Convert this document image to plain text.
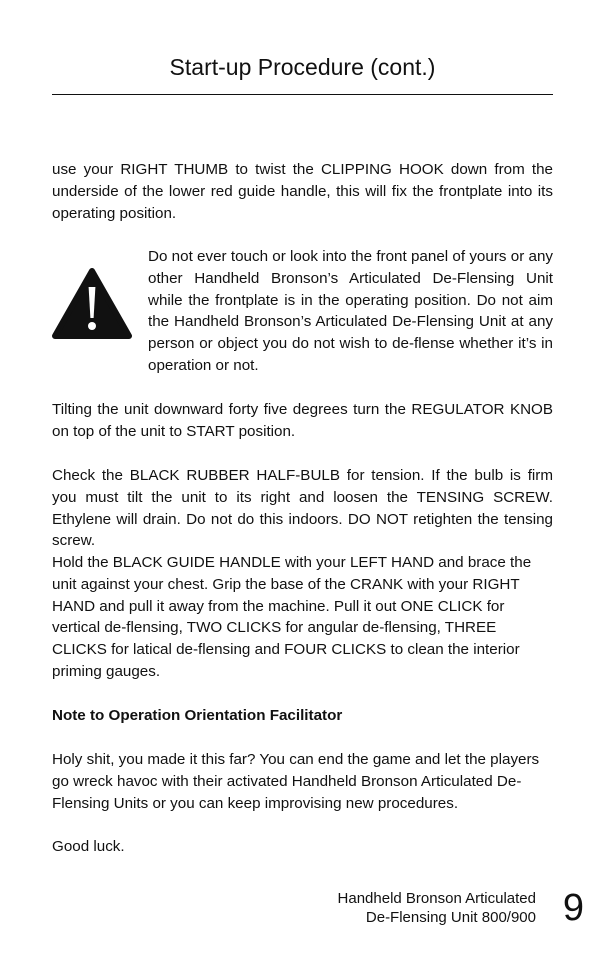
Start-up Procedure (cont.)

use your RIGHT THUMB to twist the CLIPPING HOOK down from the underside of the lower red guide handle, this will fix the frontplate into its operating position.

Do not ever touch or look into the front panel of yours or any other Handheld Bronson’s Articulated De-Flensing Unit while the frontplate is in the operating position. Do not aim the Handheld Bronson’s Articulated De-Flensing Unit at any person or object you do not wish to de-flense whether it’s in operation or not.

Tilting the unit downward forty five degrees turn the REGULATOR KNOB on top of the unit to START position.

Check the BLACK RUBBER HALF-BULB for tension. If the bulb is firm you must tilt the unit to its right and loosen the TENSING SCREW. Ethylene will drain. Do not do this indoors. DO NOT retighten the tensing screw.

Hold the BLACK GUIDE HANDLE with your LEFT HAND and brace the unit against your chest. Grip the base of the CRANK with your RIGHT HAND and pull it away from the machine. Pull it out ONE CLICK for vertical de-flensing, TWO CLICKS for angular de-flensing, THREE CLICKS for latical de-flensing and FOUR CLICKS to clean the interior priming gauges.

Note to Operation Orientation Facilitator

Holy shit, you made it this far? You can end the game and let the players go wreck havoc with their activated Handheld Bronson Articulated De-Flensing Units or you can keep improvising new procedures.

Good luck.

Handheld Bronson Articulated
De-Flensing Unit 800/900 9
